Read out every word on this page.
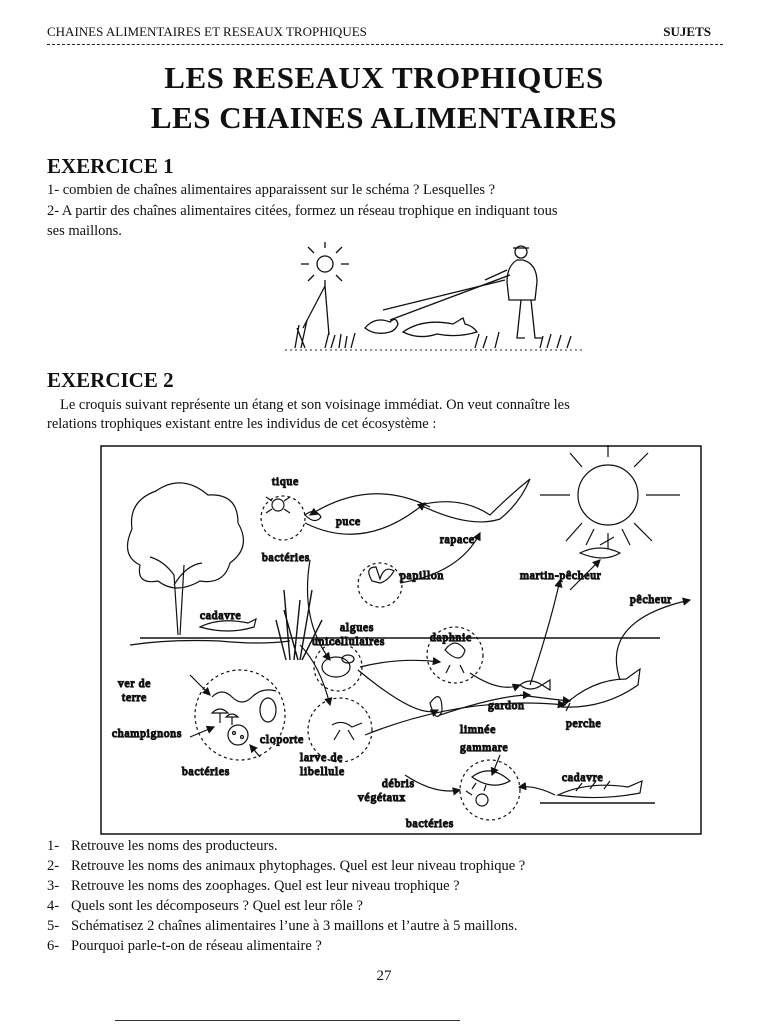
CHAINES ALIMENTAIRES ET RESEAUX TROPHIQUES	SUJETS
LES RESEAUX TROPHIQUES
LES CHAINES ALIMENTAIRES
EXERCICE 1
1- combien de chaînes alimentaires apparaissent sur le schéma ? Lesquelles ?
2- A partir des chaînes alimentaires citées, formez un réseau trophique en indiquant tous
ses maillons.
EXERCICE 2
Le croquis suivant représente un étang et son voisinage immédiat. On veut connaître les
relations trophiques existant entre les individus de cet écosystème :
tique
puce
bactéries
rapace
papillon	martin-pêcheur
pêcheur
cadavre
algues
unicellulaires	daphnie
ver de
terre
gardon
perche
champignons	cloporte
limnée
larve de
libellule
gammare
bactéries
débris
végétaux
cadavre
bactéries
1- Retrouve les noms des producteurs.
2- Retrouve les noms des animaux phytophages. Quel est leur niveau trophique ?
3- Retrouve les noms des zoophages. Quel est leur niveau trophique ?
4- Quels sont les décomposeurs ? Quel est leur rôle ?
5- Schématisez 2 chaînes alimentaires l’une à 3 maillons et l’autre à 5 maillons.
6- Pourquoi parle-t-on de réseau alimentaire ?
27
